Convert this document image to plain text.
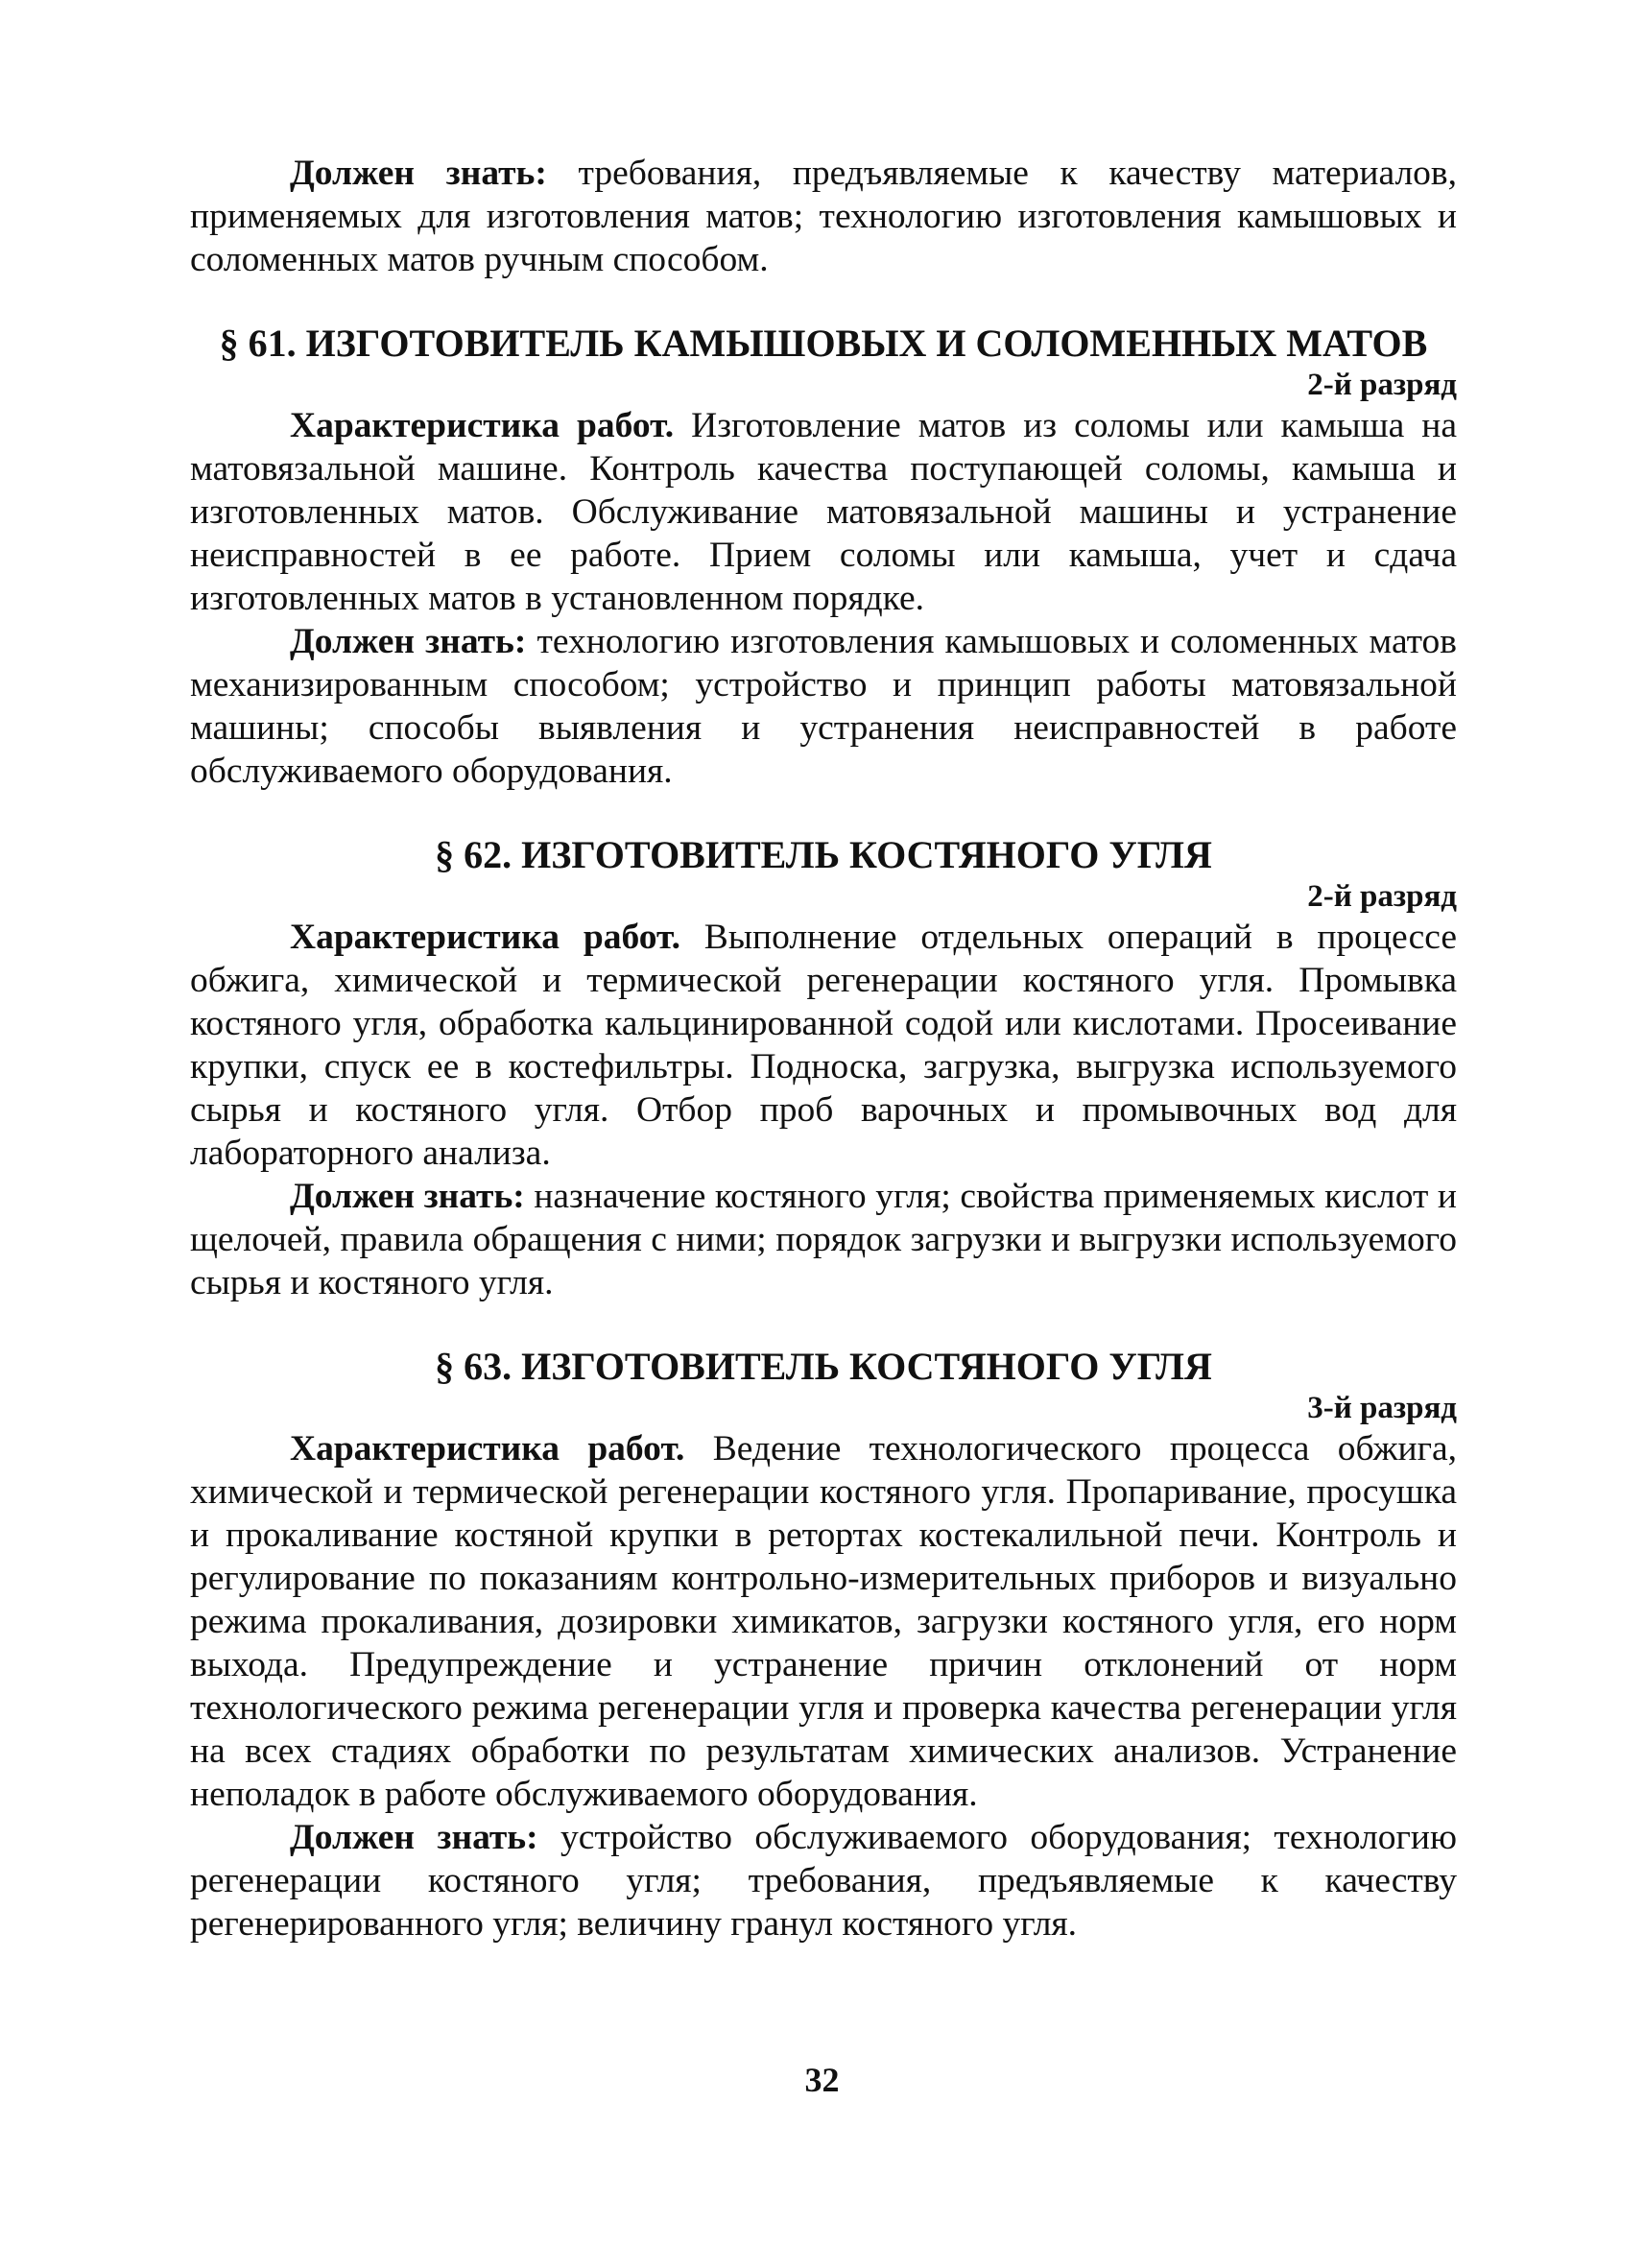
Должен знать: требования, предъявляемые к качеству материалов, применяемых для изготовления матов; технологию изготовления камышовых и соломенных матов ручным способом.

§ 61. ИЗГОТОВИТЕЛЬ КАМЫШОВЫХ И СОЛОМЕННЫХ МАТОВ

2-й разряд

Характеристика работ. Изготовление матов из соломы или камыша на матовязальной машине. Контроль качества поступающей соломы, камыша и изготовленных матов. Обслуживание матовязальной машины и устранение неисправностей в ее работе. Прием соломы или камыша, учет и сдача изготовленных матов в установленном порядке.

Должен знать: технологию изготовления камышовых и соломенных матов механизированным способом; устройство и принцип работы матовязальной машины; способы выявления и устранения неисправностей в работе обслуживаемого оборудования.

§ 62. ИЗГОТОВИТЕЛЬ КОСТЯНОГО УГЛЯ

2-й разряд

Характеристика работ. Выполнение отдельных операций в процессе обжига, химической и термической регенерации костяного угля. Промывка костяного угля, обработка кальцинированной содой или кислотами. Просеивание крупки, спуск ее в костефильтры. Подноска, загрузка, выгрузка используемого сырья и костяного угля. Отбор проб варочных и промывочных вод для лабораторного анализа.

Должен знать: назначение костяного угля; свойства применяемых кислот и щелочей, правила обращения с ними; порядок загрузки и выгрузки используемого сырья и костяного угля.

§ 63. ИЗГОТОВИТЕЛЬ КОСТЯНОГО УГЛЯ

3-й разряд

Характеристика работ. Ведение технологического процесса обжига, химической и термической регенерации костяного угля. Пропаривание, просушка и прокаливание костяной крупки в ретортах костекалильной печи. Контроль и регулирование по показаниям контрольно-измерительных приборов и визуально режима прокаливания, дозировки химикатов, загрузки костяного угля, его норм выхода. Предупреждение и устранение причин отклонений от норм технологического режима регенерации угля и проверка качества регенерации угля на всех стадиях обработки по результатам химических анализов. Устранение неполадок в работе обслуживаемого оборудования.

Должен знать: устройство обслуживаемого оборудования; технологию регенерации костяного угля; требования, предъявляемые к качеству регенерированного угля; величину гранул костяного угля.

32
